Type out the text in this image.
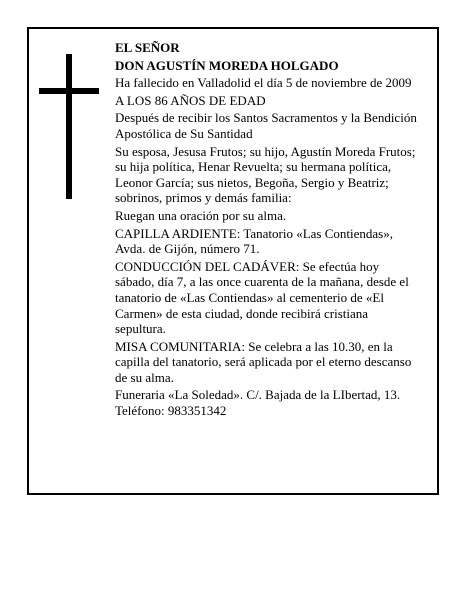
EL SEÑOR

DON AGUSTÍN MOREDA HOLGADO

Ha fallecido en Valladolid el día 5 de noviembre de 2009

A LOS 86 AÑOS DE EDAD

Después de recibir los Santos Sacramentos y la Bendición Apostólica de Su Santidad

Su esposa, Jesusa Frutos; su hijo, Agustín Moreda Frutos; su hija política, Henar Revuelta; su hermana política, Leonor García; sus nietos, Begoña, Sergio y Beatriz; sobrinos, primos y demás familia:

Ruegan una oración por su alma.

CAPILLA ARDIENTE: Tanatorio «Las Contiendas», Avda. de Gijón, número 71.

CONDUCCIÓN DEL CADÁVER: Se efectúa hoy sábado, día 7, a las once cuarenta de la mañana, desde el tanatorio de «Las Contiendas» al cementerio de «El Carmen» de esta ciudad, donde recibirá cristiana sepultura.

MISA COMUNITARIA: Se celebra a las 10.30, en la capilla del tanatorio, será aplicada por el eterno descanso de su alma.

Funeraria «La Soledad». C/. Bajada de la LIbertad, 13. Teléfono: 983351342
